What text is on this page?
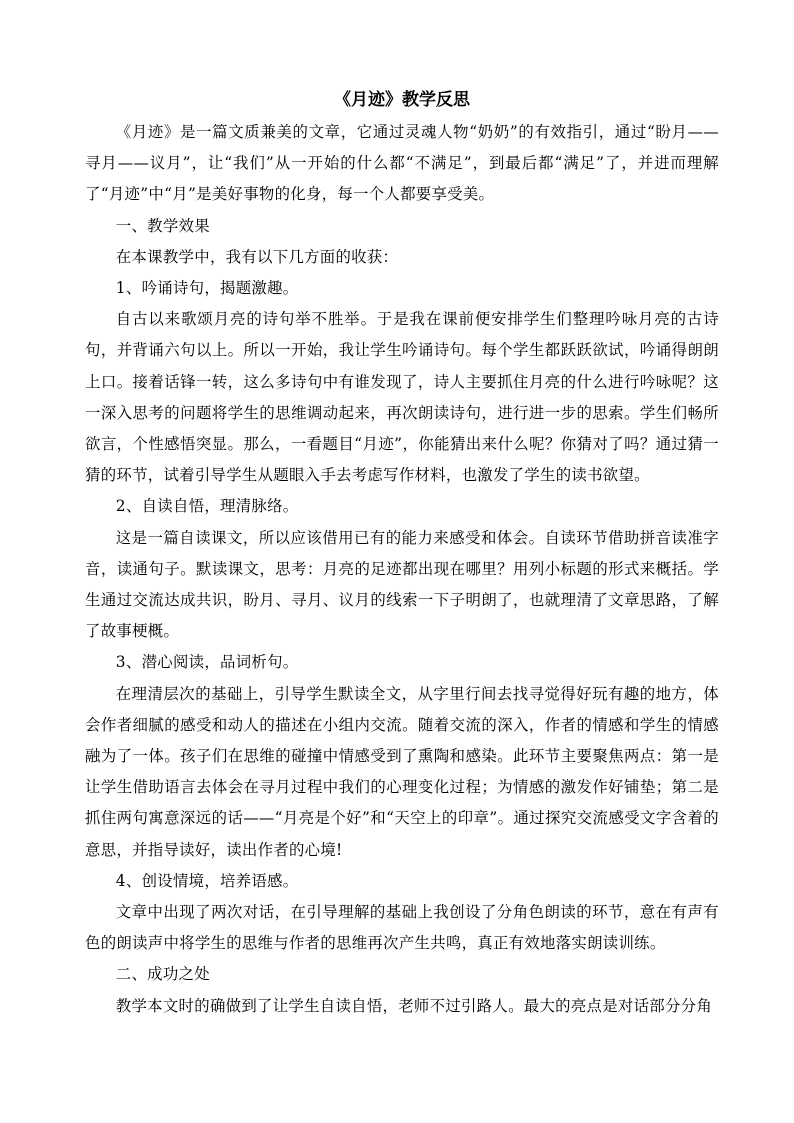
《月迹》教学反思

《月迹》是一篇文质兼美的文章，它通过灵魂人物“奶奶”的有效指引，通过“盼月——寻月——议月”，让“我们”从一开始的什么都“不满足”，到最后都“满足”了，并进而理解了“月迹”中“月”是美好事物的化身，每一个人都要享受美。

一、教学效果

在本课教学中，我有以下几方面的收获：

1、吟诵诗句，揭题激趣。

自古以来歌颂月亮的诗句举不胜举。于是我在课前便安排学生们整理吟咏月亮的古诗句，并背诵六句以上。所以一开始，我让学生吟诵诗句。每个学生都跃跃欲试，吟诵得朗朗上口。接着话锋一转，这么多诗句中有谁发现了，诗人主要抓住月亮的什么进行吟咏呢？这一深入思考的问题将学生的思维调动起来，再次朗读诗句，进行进一步的思索。学生们畅所欲言，个性感悟突显。那么，一看题目“月迹”，你能猜出来什么呢？你猜对了吗？通过猜一猜的环节，试着引导学生从题眼入手去考虑写作材料，也激发了学生的读书欲望。

2、自读自悟，理清脉络。

这是一篇自读课文，所以应该借用已有的能力来感受和体会。自读环节借助拼音读准字音，读通句子。默读课文，思考：月亮的足迹都出现在哪里？用列小标题的形式来概括。学生通过交流达成共识，盼月、寻月、议月的线索一下子明朗了，也就理清了文章思路，了解了故事梗概。

3、潜心阅读，品词析句。

在理清层次的基础上，引导学生默读全文，从字里行间去找寻觉得好玩有趣的地方，体会作者细腻的感受和动人的描述在小组内交流。随着交流的深入，作者的情感和学生的情感融为了一体。孩子们在思维的碰撞中情感受到了熏陶和感染。此环节主要聚焦两点：第一是让学生借助语言去体会在寻月过程中我们的心理变化过程；为情感的激发作好铺垫；第二是抓住两句寓意深远的话——“月亮是个好”和“天空上的印章”。通过探究交流感受文字含着的意思，并指导读好，读出作者的心境!

4、创设情境，培养语感。

文章中出现了两次对话，在引导理解的基础上我创设了分角色朗读的环节，意在有声有色的朗读声中将学生的思维与作者的思维再次产生共鸣，真正有效地落实朗读训练。

二、成功之处

教学本文时的确做到了让学生自读自悟，老师不过引路人。最大的亮点是对话部分分角
